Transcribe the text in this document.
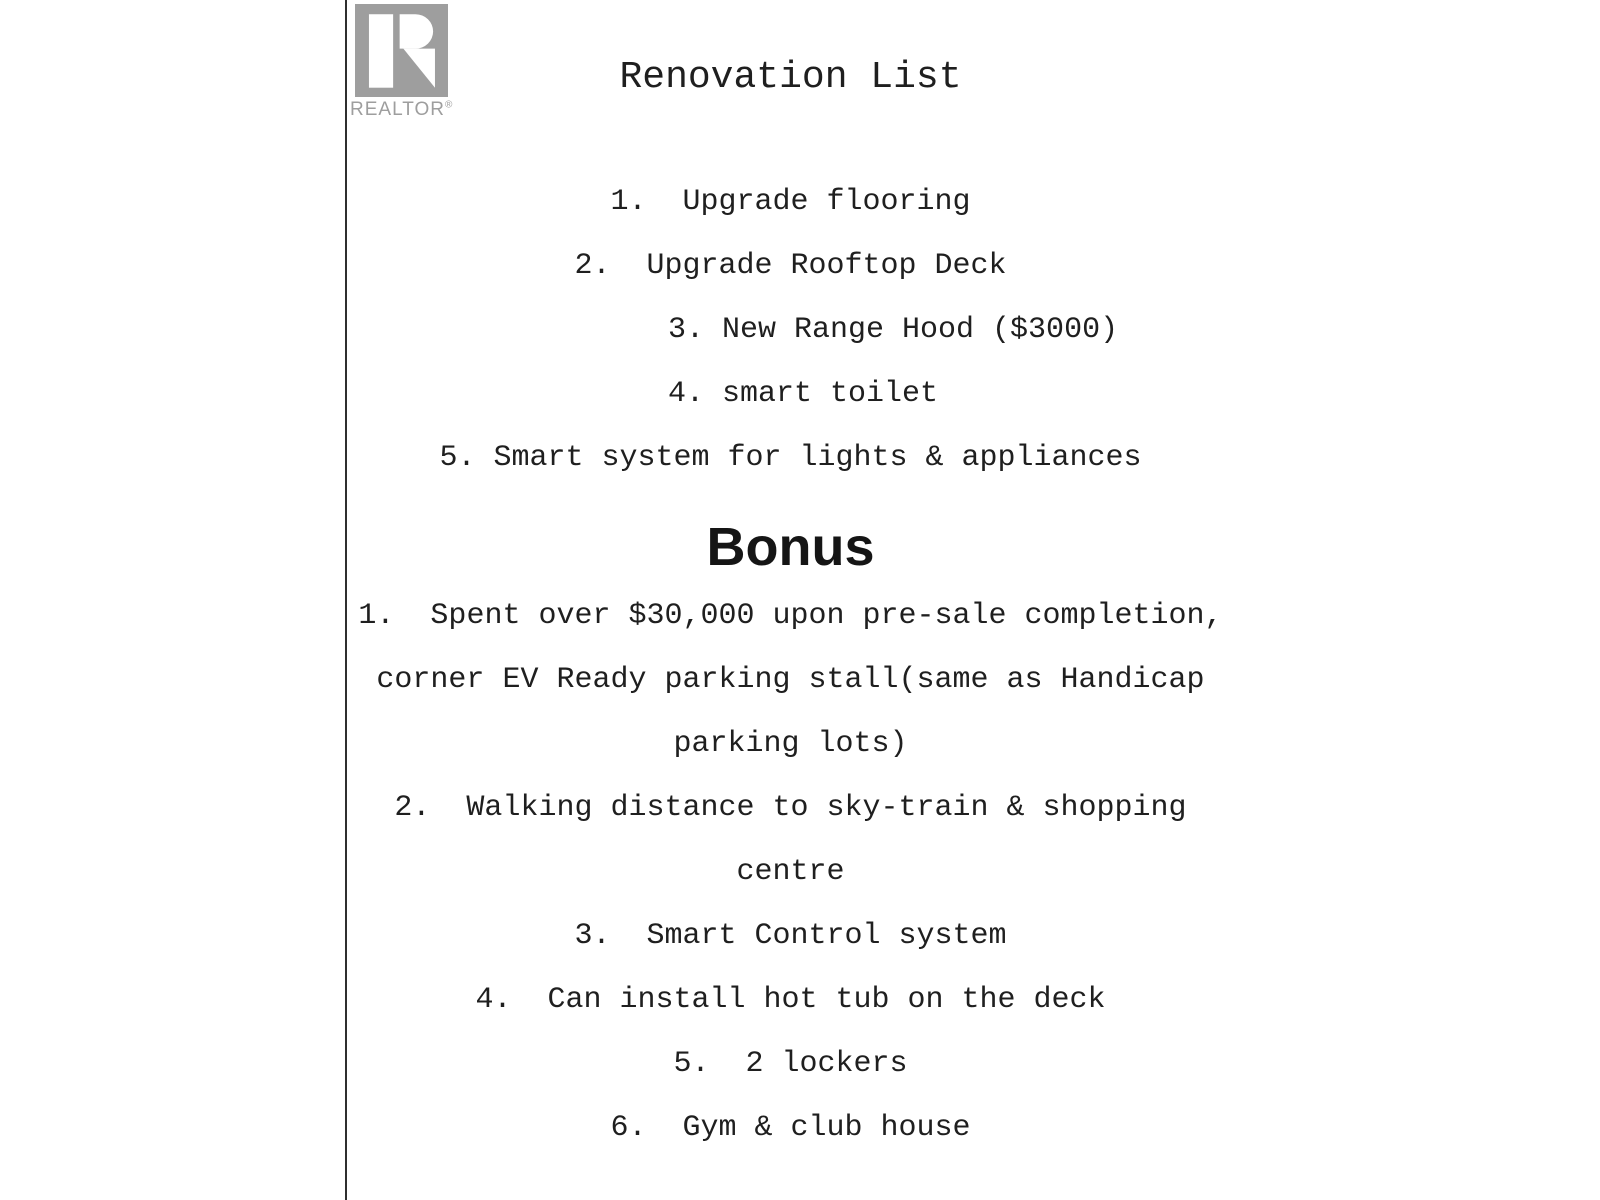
REALTOR®
Renovation List
1.  Upgrade flooring
2.  Upgrade Rooftop Deck
3. New Range Hood ($3000)
4. smart toilet
5. Smart system for lights & appliances
Bonus
1.  Spent over $30,000 upon pre-sale completion, corner EV Ready parking stall(same as Handicap parking lots)
2.  Walking distance to sky-train & shopping centre
3.  Smart Control system
4.  Can install hot tub on the deck
5.  2 lockers
6.  Gym & club house
